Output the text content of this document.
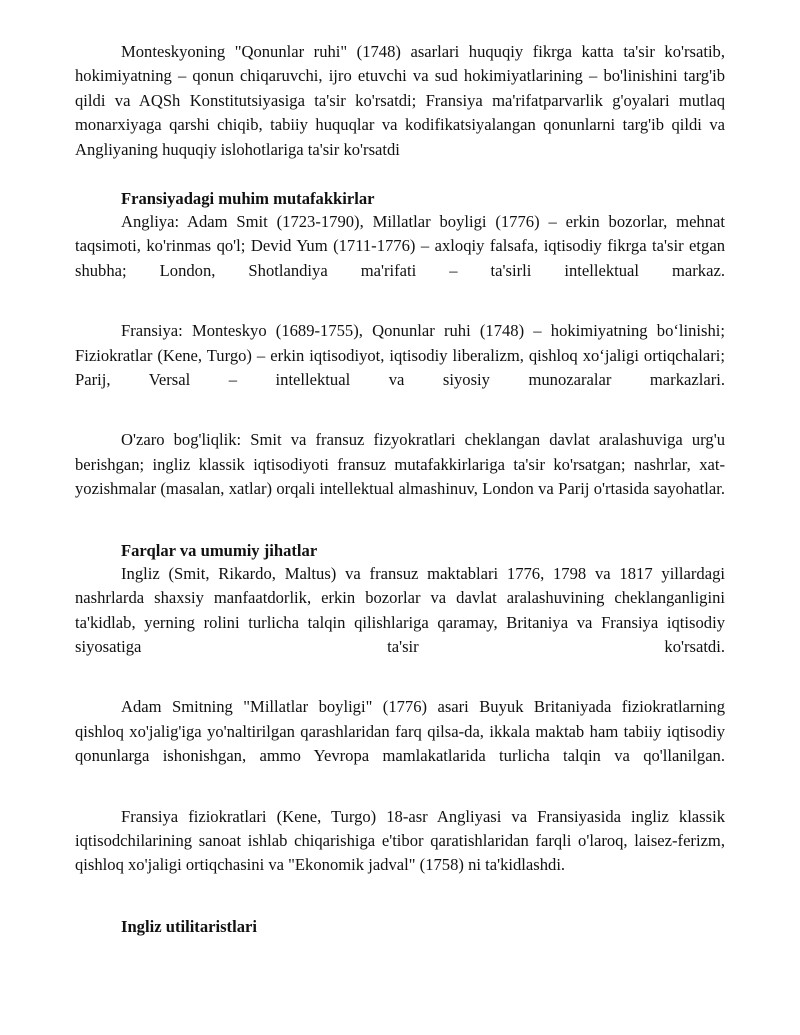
Monteskyoning "Qonunlar ruhi" (1748) asarlari huquqiy fikrga katta ta'sir ko'rsatib, hokimiyatning – qonun chiqaruvchi, ijro etuvchi va sud hokimiyatlarining – bo'linishini targ'ib qildi va AQSh Konstitutsiyasiga ta'sir ko'rsatdi; Fransiya ma'rifatparvarlik g'oyalari mutlaq monarxiyaga qarshi chiqib, tabiiy huquqlar va kodifikatsiyalangan qonunlarni targ'ib qildi va Angliyaning huquqiy islohotlariga ta'sir ko'rsatdi

Fransiyadagi muhim mutafakkirlar

Angliya: Adam Smit (1723-1790), Millatlar boyligi (1776) – erkin bozorlar, mehnat taqsimoti, ko'rinmas qo'l; Devid Yum (1711-1776) – axloqiy falsafa, iqtisodiy fikrga ta'sir etgan shubha; London, Shotlandiya ma'rifati – ta'sirli intellektual markaz.

Fransiya: Monteskyo (1689-1755), Qonunlar ruhi (1748) – hokimiyatning boʻlinishi; Fiziokratlar (Kene, Turgo) – erkin iqtisodiyot, iqtisodiy liberalizm, qishloq xoʻjaligi ortiqchalari; Parij, Versal – intellektual va siyosiy munozaralar markazlari.

O'zaro bog'liqlik: Smit va fransuz fizyokratlari cheklangan davlat aralashuviga urg'u berishgan; ingliz klassik iqtisodiyoti fransuz mutafakkirlariga ta'sir ko'rsatgan; nashrlar, xat-yozishmalar (masalan, xatlar) orqali intellektual almashinuv, London va Parij o'rtasida sayohatlar.

Farqlar va umumiy jihatlar

Ingliz (Smit, Rikardo, Maltus) va fransuz maktablari 1776, 1798 va 1817 yillardagi nashrlarda shaxsiy manfaatdorlik, erkin bozorlar va davlat aralashuvining cheklanganligini ta'kidlab, yerning rolini turlicha talqin qilishlariga qaramay, Britaniya va Fransiya iqtisodiy siyosatiga ta'sir ko'rsatdi.

Adam Smitning "Millatlar boyligi" (1776) asari Buyuk Britaniyada fiziokratlarning qishloq xo'jalig'iga yo'naltirilgan qarashlaridan farq qilsa-da, ikkala maktab ham tabiiy iqtisodiy qonunlarga ishonishgan, ammo Yevropa mamlakatlarida turlicha talqin va qo'llanilgan.

Fransiya fiziokratlari (Kene, Turgo) 18-asr Angliyasi va Fransiyasida ingliz klassik iqtisodchilarining sanoat ishlab chiqarishiga e'tibor qaratishlaridan farqli o'laroq, laisez-ferizm, qishloq xo'jaligi ortiqchasini va "Ekonomik jadval" (1758) ni ta'kidlashdi.

Ingliz utilitaristlari
